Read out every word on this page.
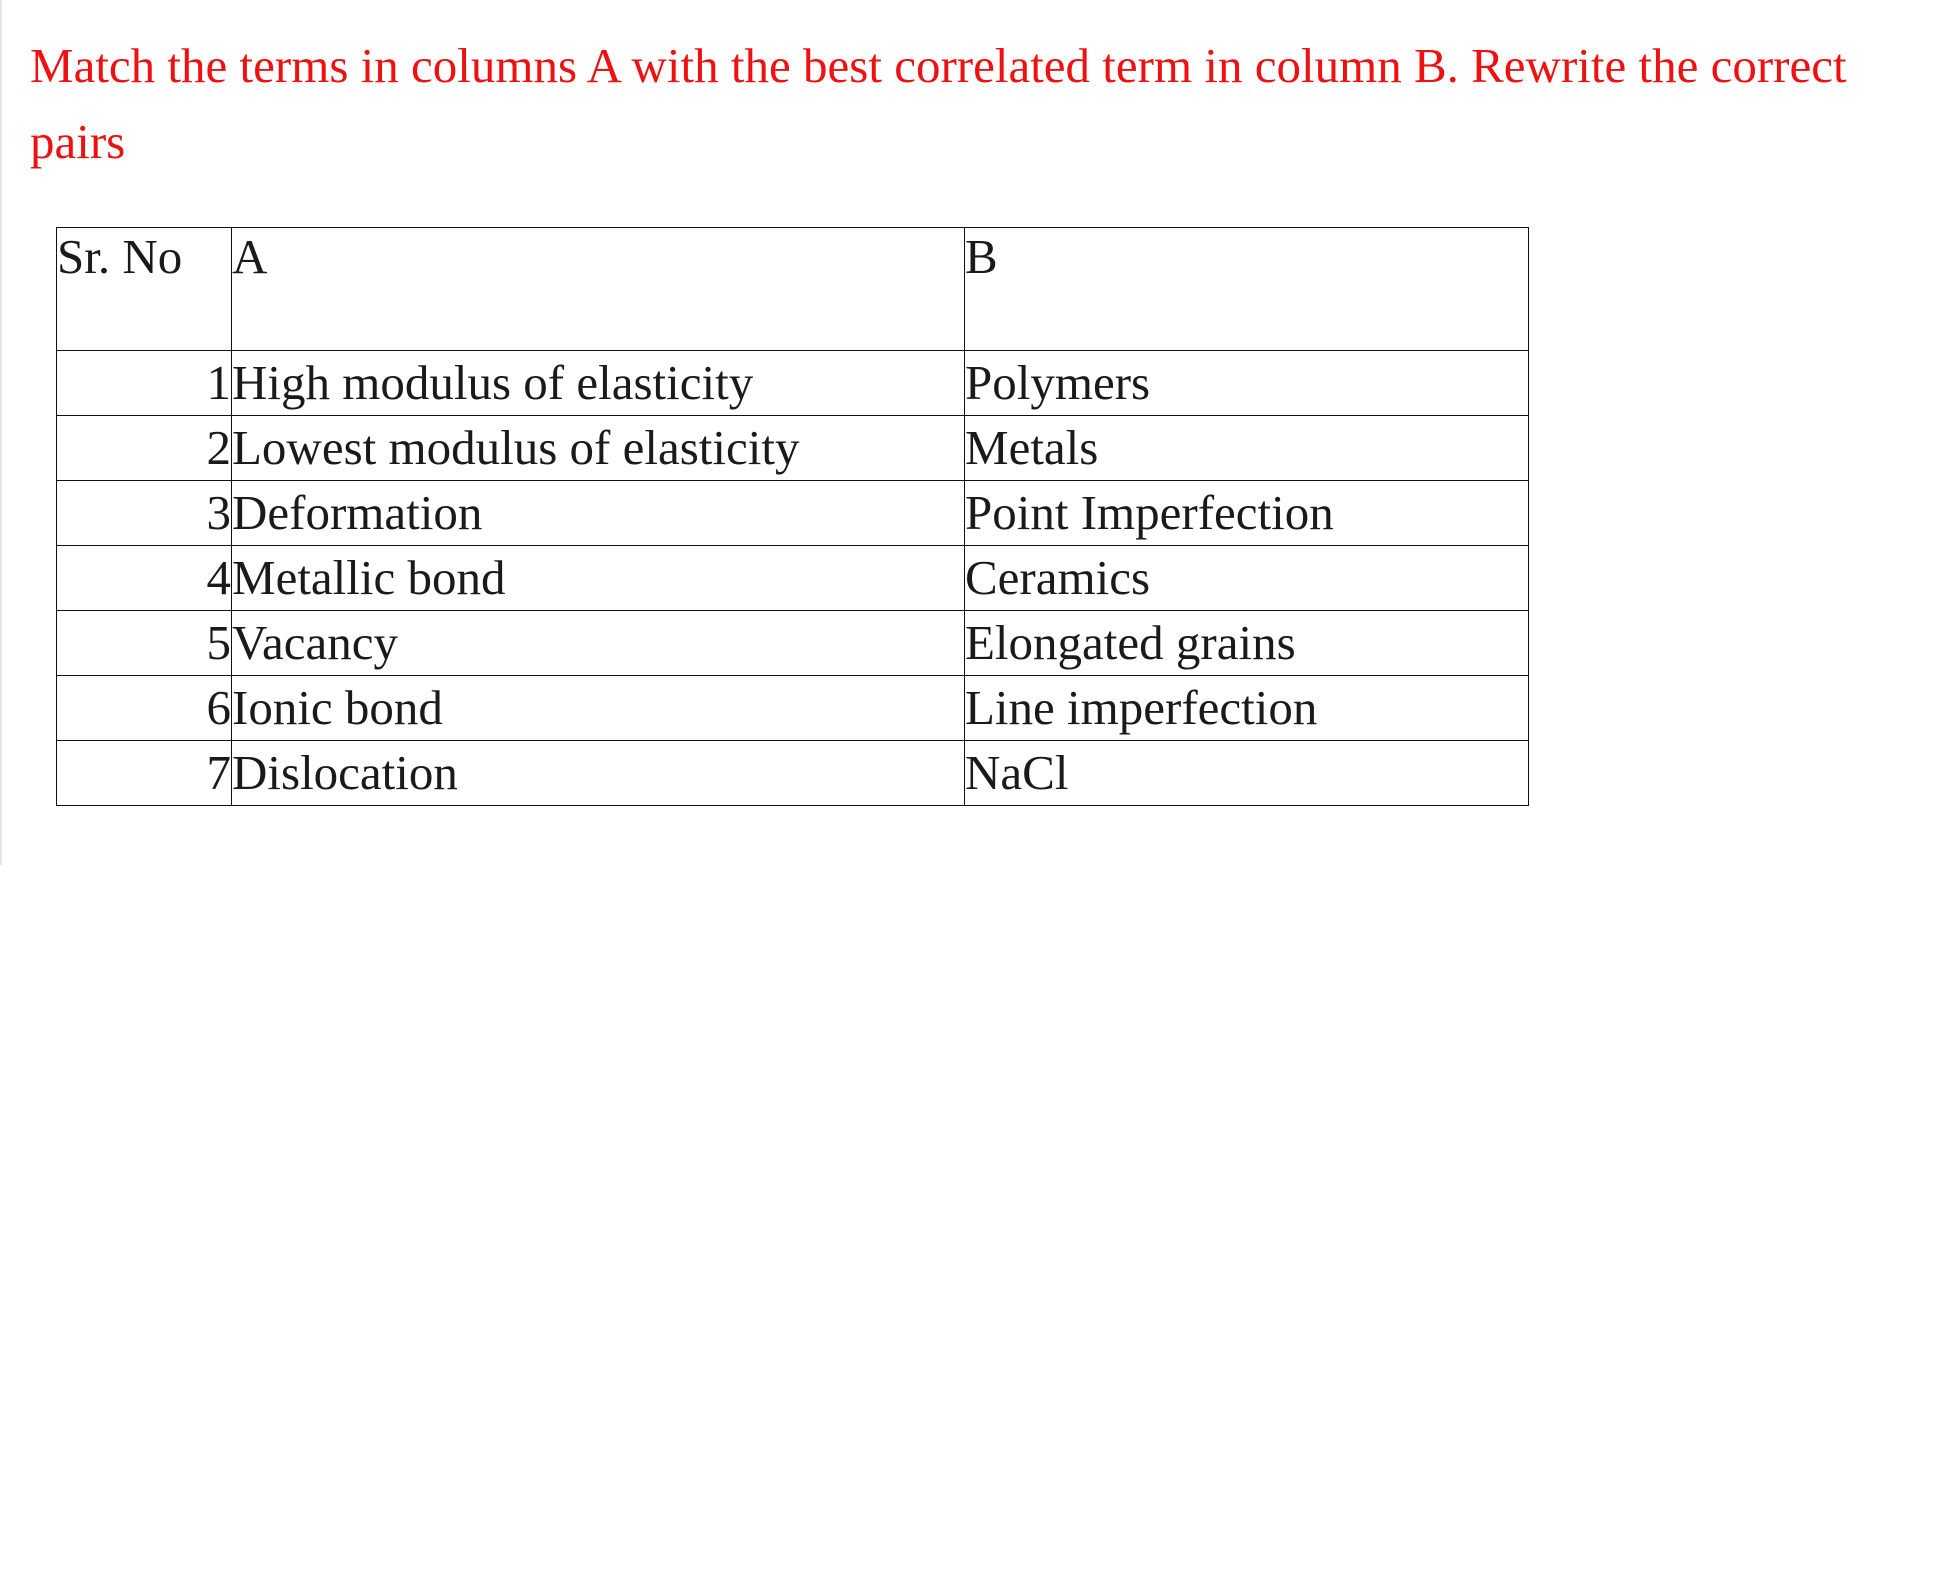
Match the terms in columns A with the best correlated term in column B. Rewrite the correct pairs

Sr. No	A	B
1	High modulus of elasticity	Polymers
2	Lowest modulus of elasticity	Metals
3	Deformation	Point Imperfection
4	Metallic bond	Ceramics
5	Vacancy	Elongated grains
6	Ionic bond	Line imperfection
7	Dislocation	NaCl
